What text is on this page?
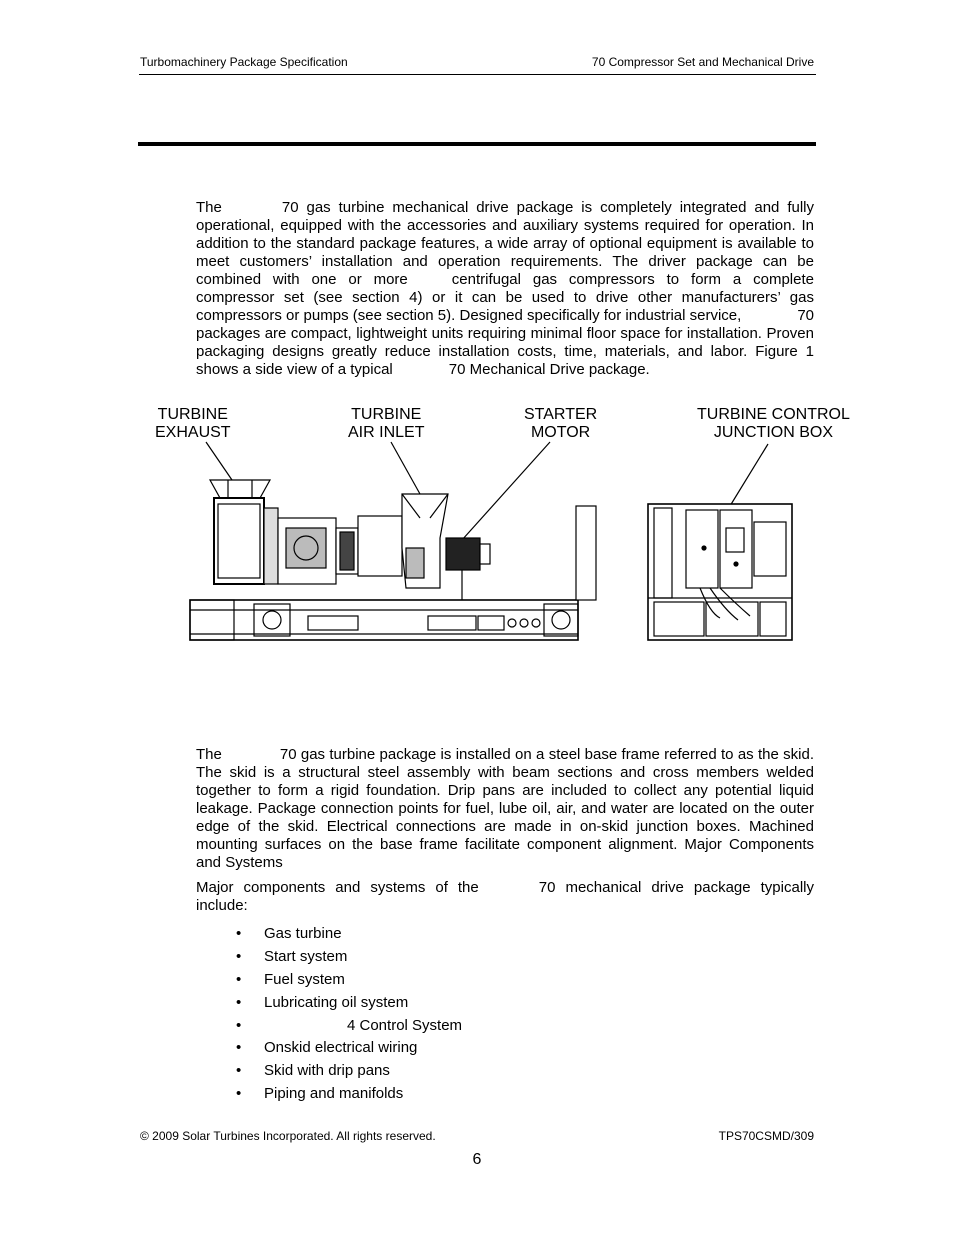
Turbomachinery Package Specification	70 Compressor Set and Mechanical Drive

The	70 gas turbine mechanical drive package is completely integrated and fully operational, equipped with the accessories and auxiliary systems required for operation. In addition to the standard package features, a wide array of optional equipment is available to meet customers’ installation and operation requirements. The driver package can be combined with one or more	centrifugal gas compressors to form a complete compressor set (see section 4) or it can be used to drive other manufacturers’ gas compressors or pumps (see section 5). Designed specifically for industrial service,	70 packages are compact, lightweight units requiring minimal floor space for installation. Proven packaging designs greatly reduce installation costs, time, materials, and labor. Figure 1 shows a side view of a typical	70 Mechanical Drive package.

TURBINE
EXHAUST
TURBINE
AIR INLET
STARTER
MOTOR
TURBINE CONTROL
JUNCTION BOX

The	70 gas turbine package is installed on a steel base frame referred to as the skid. The skid is a structural steel assembly with beam sections and cross members welded together to form a rigid foundation. Drip pans are included to collect any potential liquid leakage. Package connection points for fuel, lube oil, air, and water are located on the outer edge of the skid. Electrical connections are made in on-skid junction boxes. Machined mounting surfaces on the base frame facilitate component alignment. Major Components and Systems

Major components and systems of the	70 mechanical drive package typically include:

• Gas turbine
• Start system
• Fuel system
• Lubricating oil system
• 4 Control System
• Onskid electrical wiring
• Skid with drip pans
• Piping and manifolds
© 2009 Solar Turbines Incorporated. All rights reserved.	TPS70CSMD/309
6
